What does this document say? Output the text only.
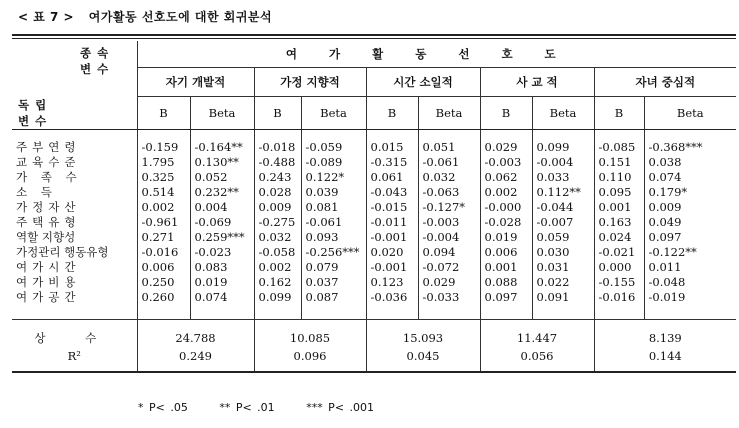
< 표 7 > 여가활동 선호도에 대한 회귀분석
종속
변수
독립
변수	여가활동선호도									
	자기 개발적		가정 지향적		시간 소일적		사 교 적		자녀 중심적	
	B	Beta	B	Beta	B	Beta	B	Beta	B	Beta

주부연령	-0.159	-0.164**	-0.018	-0.059	0.015	0.051	0.029	0.099	-0.085	-0.368***
교육수준	1.795	0.130**	-0.488	-0.089	-0.315	-0.061	-0.003	-0.004	0.151	0.038
가 족 수	0.325	0.052	0.243	0.122*	0.061	0.032	0.062	0.033	0.110	0.074
소 득	0.514	0.232**	0.028	0.039	-0.043	-0.063	0.002	0.112**	0.095	0.179*
가정자산	0.002	0.004	0.009	0.081	-0.015	-0.127*	-0.000	-0.044	0.001	0.009
주택유형	-0.961	-0.069	-0.275	-0.061	-0.011	-0.003	-0.028	-0.007	0.163	0.049
역할 지향성	0.271	0.259***	0.032	0.093	-0.001	-0.004	0.019	0.059	0.024	0.097
가정관리 행동유형	-0.016	-0.023	-0.058	-0.256***	0.020	0.094	0.006	0.030	-0.021	-0.122**
여가시간	0.006	0.083	0.002	0.079	-0.001	-0.072	0.001	0.031	0.000	0.011
여가비용	0.250	0.019	0.162	0.037	0.123	0.029	0.088	0.022	-0.155	-0.048
여가공간	0.260	0.074	0.099	0.087	-0.036	-0.033	0.097	0.091	-0.016	-0.019

상 수	24.788		10.085		15.093		11.447		8.139	
R²	0.249		0.096		0.045		0.056		0.144	
* P< .05	** P< .01	*** P< .001
